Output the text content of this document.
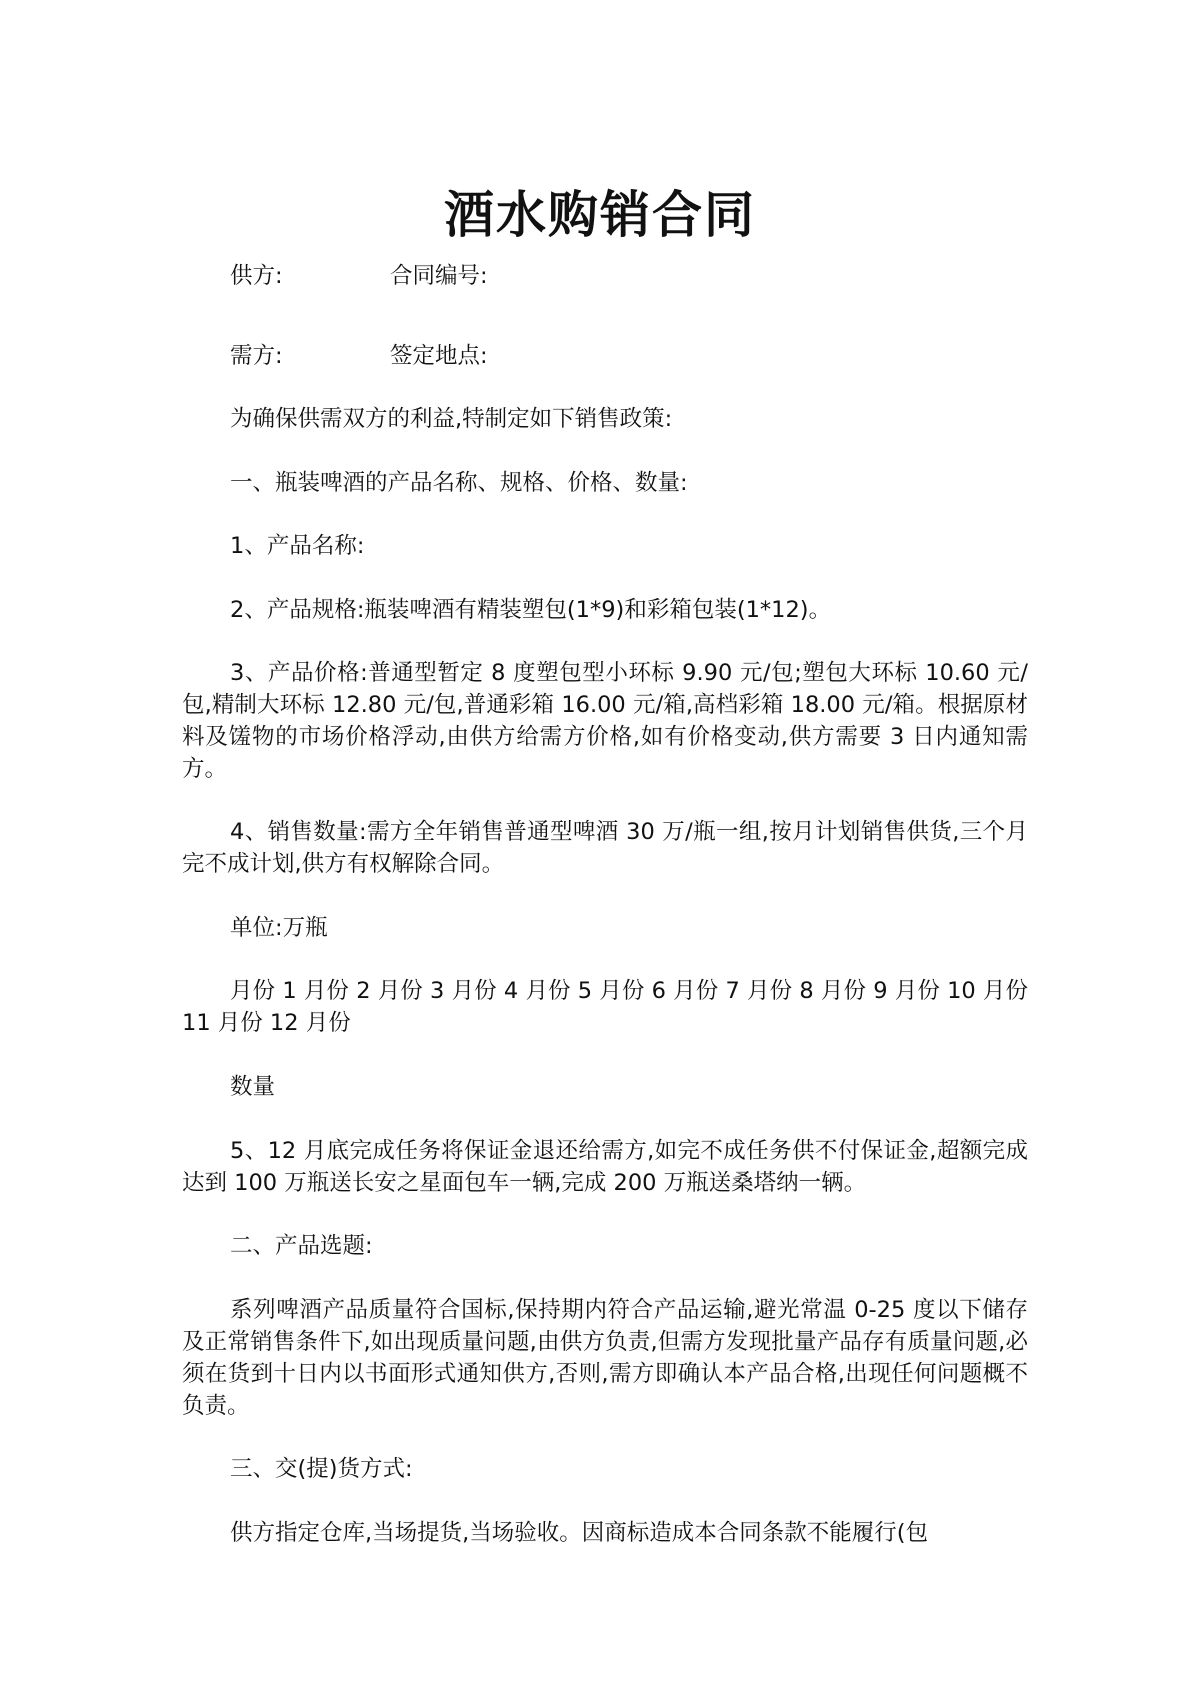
酒水购销合同
供方:	合同编号:
需方:	签定地点:
为确保供需双方的利益,特制定如下销售政策:
一、瓶装啤酒的产品名称、规格、价格、数量:
1、产品名称:
2、产品规格:瓶装啤酒有精装塑包(1*9)和彩箱包装(1*12)。
3、产品价格:普通型暂定 8 度塑包型小环标 9.90 元/包;塑包大环标 10.60 元/包,精制大环标 12.80 元/包,普通彩箱 16.00 元/箱,高档彩箱 18.00 元/箱。根据原材料及馐物的市场价格浮动,由供方给需方价格,如有价格变动,供方需要 3 日内通知需方。
4、销售数量:需方全年销售普通型啤酒 30 万/瓶一组,按月计划销售供货,三个月完不成计划,供方有权解除合同。
单位:万瓶
月份 1 月份 2 月份 3 月份 4 月份 5 月份 6 月份 7 月份 8 月份 9 月份 10 月份 11 月份 12 月份
数量
5、12 月底完成任务将保证金退还给需方,如完不成任务供不付保证金,超额完成达到 100 万瓶送长安之星面包车一辆,完成 200 万瓶送桑塔纳一辆。
二、产品选题:
系列啤酒产品质量符合国标,保持期内符合产品运输,避光常温 0-25 度以下储存及正常销售条件下,如出现质量问题,由供方负责,但需方发现批量产品存有质量问题,必须在货到十日内以书面形式通知供方,否则,需方即确认本产品合格,出现任何问题概不负责。
三、交(提)货方式:
供方指定仓库,当场提货,当场验收。因商标造成本合同条款不能履行(包
